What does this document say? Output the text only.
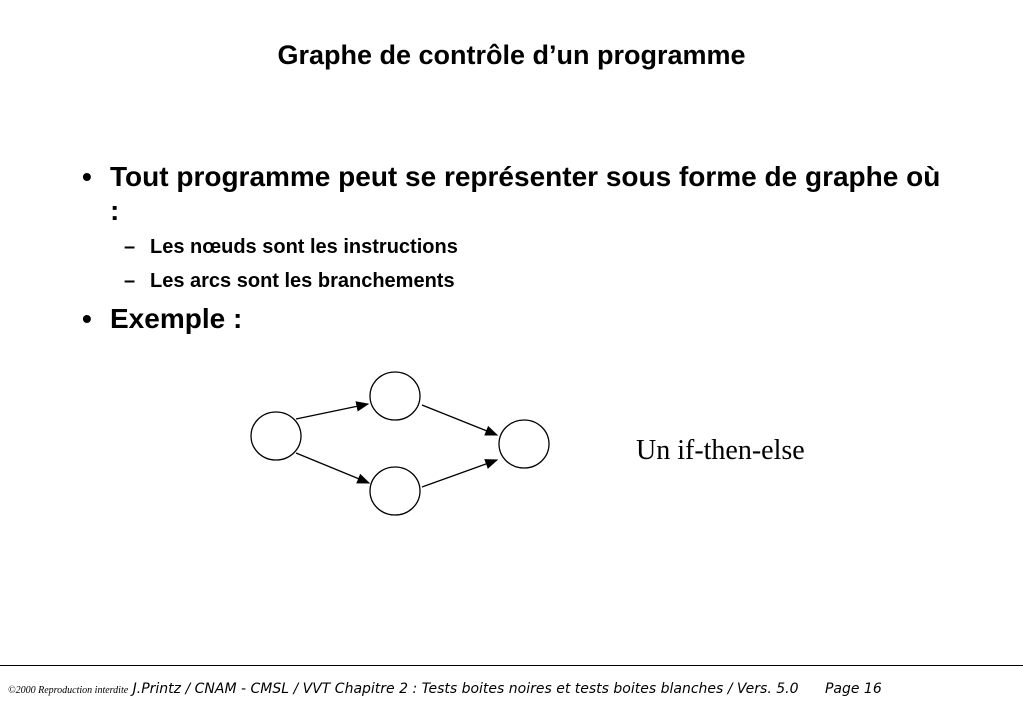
Graphe de contrôle d’un programme
• Tout programme peut se représenter sous forme de graphe où :
– Les nœuds sont les instructions
– Les arcs sont les branchements
• Exemple :
Un if-then-else
©2000 Reproduction interdite J.Printz / CNAM - CMSL / VVT Chapitre 2 : Tests boites noires et tests boites blanches / Vers. 5.0 Page 16
